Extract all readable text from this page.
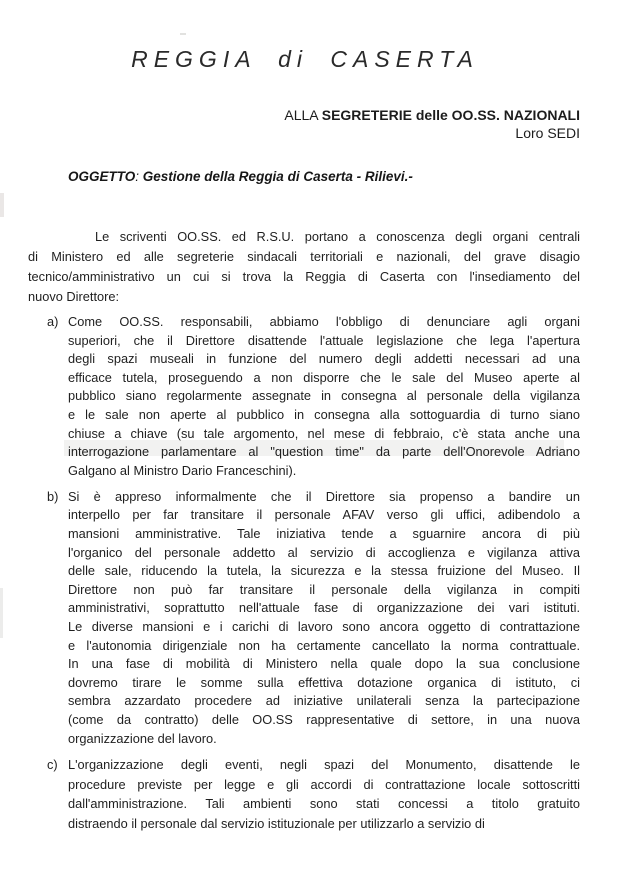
REGGIA di CASERTA
ALLA SEGRETERIE delle OO.SS. NAZIONALI
Loro SEDI
OGGETTO: Gestione della Reggia di Caserta - Rilievi.-
Le scriventi OO.SS. ed R.S.U. portano a conoscenza degli organi centrali
di Ministero ed alle segreterie sindacali territoriali e nazionali, del grave disagio
tecnico/amministrativo un cui si trova la Reggia di Caserta con l'insediamento del
nuovo Direttore:
a) Come OO.SS. responsabili, abbiamo l'obbligo di denunciare agli organi
superiori, che il Direttore disattende l'attuale legislazione che lega l'apertura
degli spazi museali in funzione del numero degli addetti necessari ad una
efficace tutela, proseguendo a non disporre che le sale del Museo aperte al
pubblico siano regolarmente assegnate in consegna al personale della vigilanza
e le sale non aperte al pubblico in consegna alla sottoguardia di turno siano
chiuse a chiave (su tale argomento, nel mese di febbraio, c'è stata anche una
interrogazione parlamentare al "question time" da parte dell'Onorevole Adriano
Galgano al Ministro Dario Franceschini).
b) Si è appreso informalmente che il Direttore sia propenso a bandire un
interpello per far transitare il personale AFAV verso gli uffici, adibendolo a
mansioni amministrative. Tale iniziativa tende a sguarnire ancora di più
l'organico del personale addetto al servizio di accoglienza e vigilanza attiva
delle sale, riducendo la tutela, la sicurezza e la stessa fruizione del Museo. Il
Direttore non può far transitare il personale della vigilanza in compiti
amministrativi, soprattutto nell'attuale fase di organizzazione dei vari istituti.
Le diverse mansioni e i carichi di lavoro sono ancora oggetto di contrattazione
e l'autonomia dirigenziale non ha certamente cancellato la norma contrattuale.
In una fase di mobilità di Ministero nella quale dopo la sua conclusione
dovremo tirare le somme sulla effettiva dotazione organica di istituto, ci
sembra azzardato procedere ad iniziative unilaterali senza la partecipazione
(come da contratto) delle OO.SS rappresentative di settore, in una nuova
organizzazione del lavoro.
c) L'organizzazione degli eventi, negli spazi del Monumento, disattende le
procedure previste per legge e gli accordi di contrattazione locale sottoscritti
dall'amministrazione. Tali ambienti sono stati concessi a titolo gratuito
distraendo il personale dal servizio istituzionale per utilizzarlo a servizio di
